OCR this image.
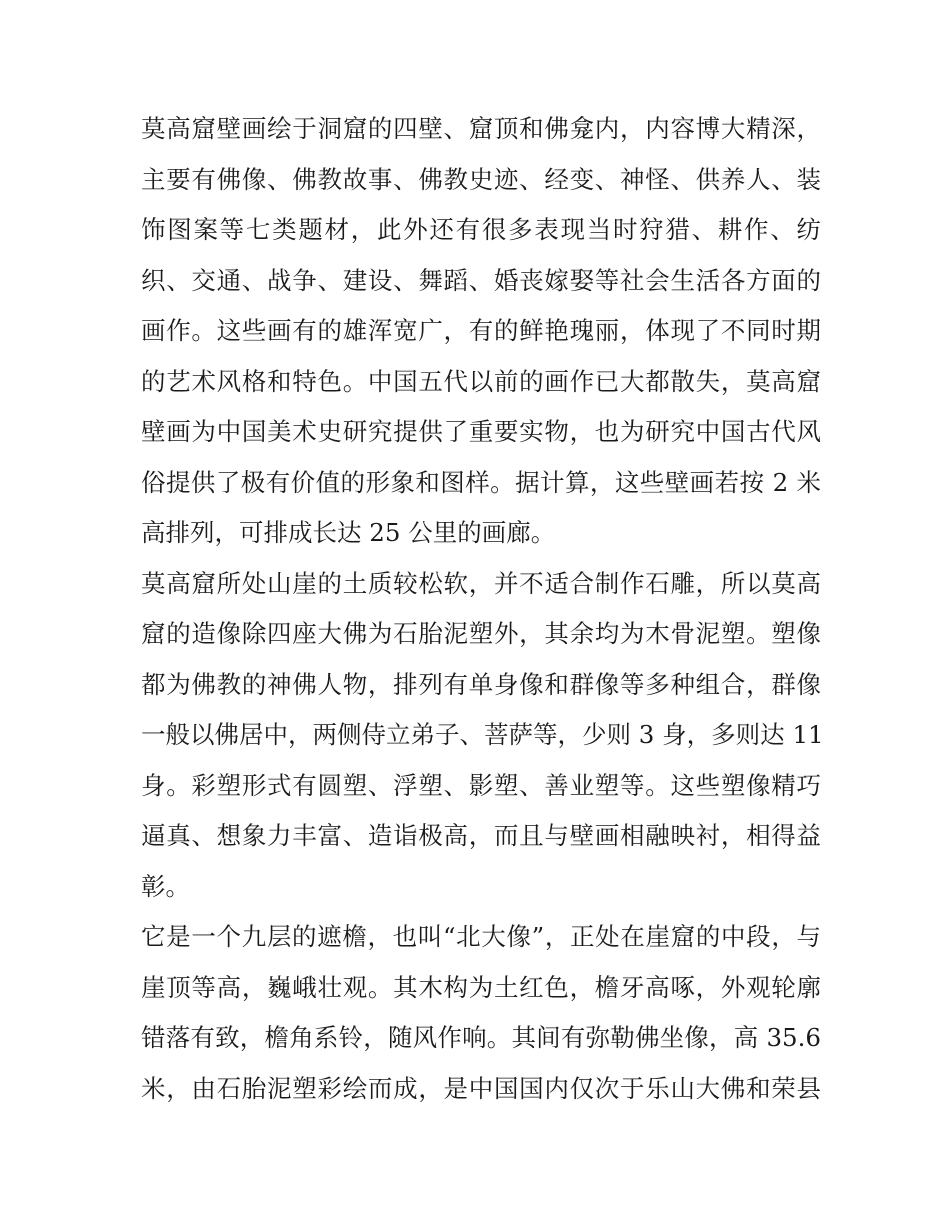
莫高窟壁画绘于洞窟的四壁、窟顶和佛龛内，内容博大精深，
主要有佛像、佛教故事、佛教史迹、经变、神怪、供养人、装
饰图案等七类题材，此外还有很多表现当时狩猎、耕作、纺
织、交通、战争、建设、舞蹈、婚丧嫁娶等社会生活各方面的
画作。这些画有的雄浑宽广，有的鲜艳瑰丽，体现了不同时期
的艺术风格和特色。中国五代以前的画作已大都散失，莫高窟
壁画为中国美术史研究提供了重要实物，也为研究中国古代风
俗提供了极有价值的形象和图样。据计算，这些壁画若按 2 米
高排列，可排成长达 25 公里的画廊。
莫高窟所处山崖的土质较松软，并不适合制作石雕，所以莫高
窟的造像除四座大佛为石胎泥塑外，其余均为木骨泥塑。塑像
都为佛教的神佛人物，排列有单身像和群像等多种组合，群像
一般以佛居中，两侧侍立弟子、菩萨等，少则 3 身，多则达 11
身。彩塑形式有圆塑、浮塑、影塑、善业塑等。这些塑像精巧
逼真、想象力丰富、造诣极高，而且与壁画相融映衬，相得益
彰。
它是一个九层的遮檐，也叫“北大像”，正处在崖窟的中段，与
崖顶等高，巍峨壮观。其木构为土红色，檐牙高啄，外观轮廓
错落有致，檐角系铃，随风作响。其间有弥勒佛坐像，高 35.6
米，由石胎泥塑彩绘而成，是中国国内仅次于乐山大佛和荣县
